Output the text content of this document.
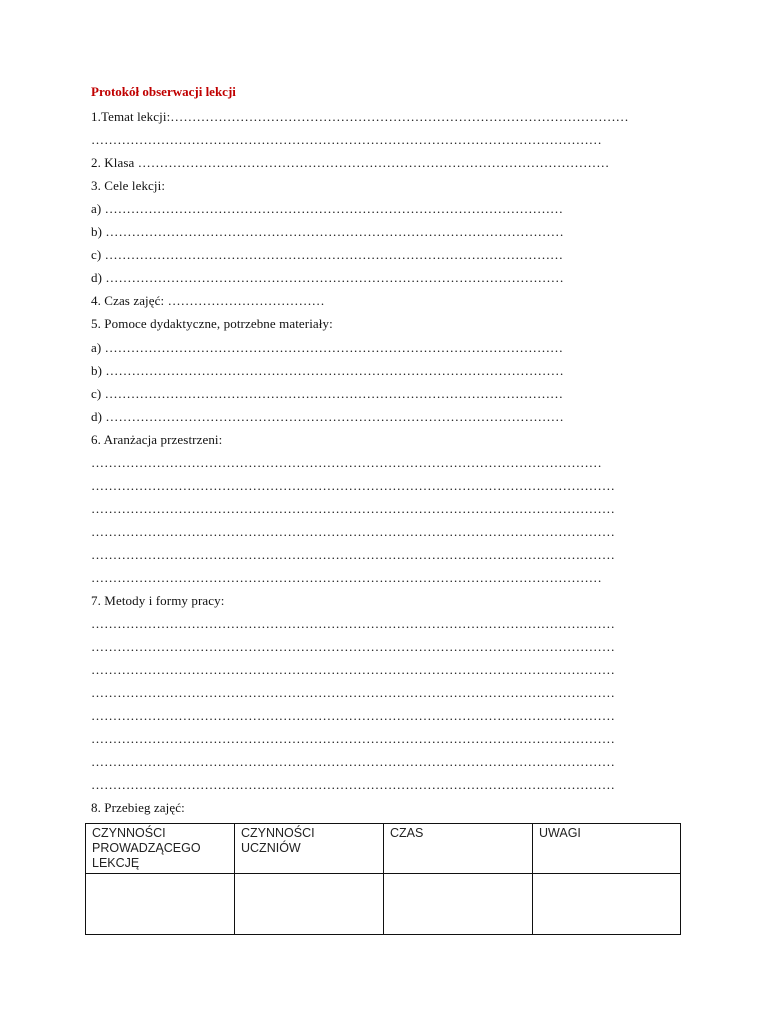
Protokół obserwacji lekcji
1.Temat lekcji:……………………………………………………………………………………………
………………………………………………………………………………………………………
2. Klasa ………………………………………………………………………………………………
3. Cele lekcji:
a) ……………………………………………………………………………………………
b) ……………………………………………………………………………………………
c) ……………………………………………………………………………………………
d) ……………………………………………………………………………………………
4. Czas zajęć: ………………………………
5. Pomoce dydaktyczne, potrzebne materiały:
a) ……………………………………………………………………………………………
b) ……………………………………………………………………………………………
c) ……………………………………………………………………………………………
d) ……………………………………………………………………………………………
6. Aranżacja przestrzeni:
………………………………………………………………………………………………………
…………………………………………………………………………………………………………
…………………………………………………………………………………………………………
…………………………………………………………………………………………………………
…………………………………………………………………………………………………………
………………………………………………………………………………………………………
7. Metody i formy pracy:
…………………………………………………………………………………………………………
…………………………………………………………………………………………………………
…………………………………………………………………………………………………………
…………………………………………………………………………………………………………
…………………………………………………………………………………………………………
…………………………………………………………………………………………………………
…………………………………………………………………………………………………………
…………………………………………………………………………………………………………
8. Przebieg zajęć:
CZYNNOŚCI PROWADZĄCEGO LEKCJĘ	CZYNNOŚCI UCZNIÓW	CZAS	UWAGI
